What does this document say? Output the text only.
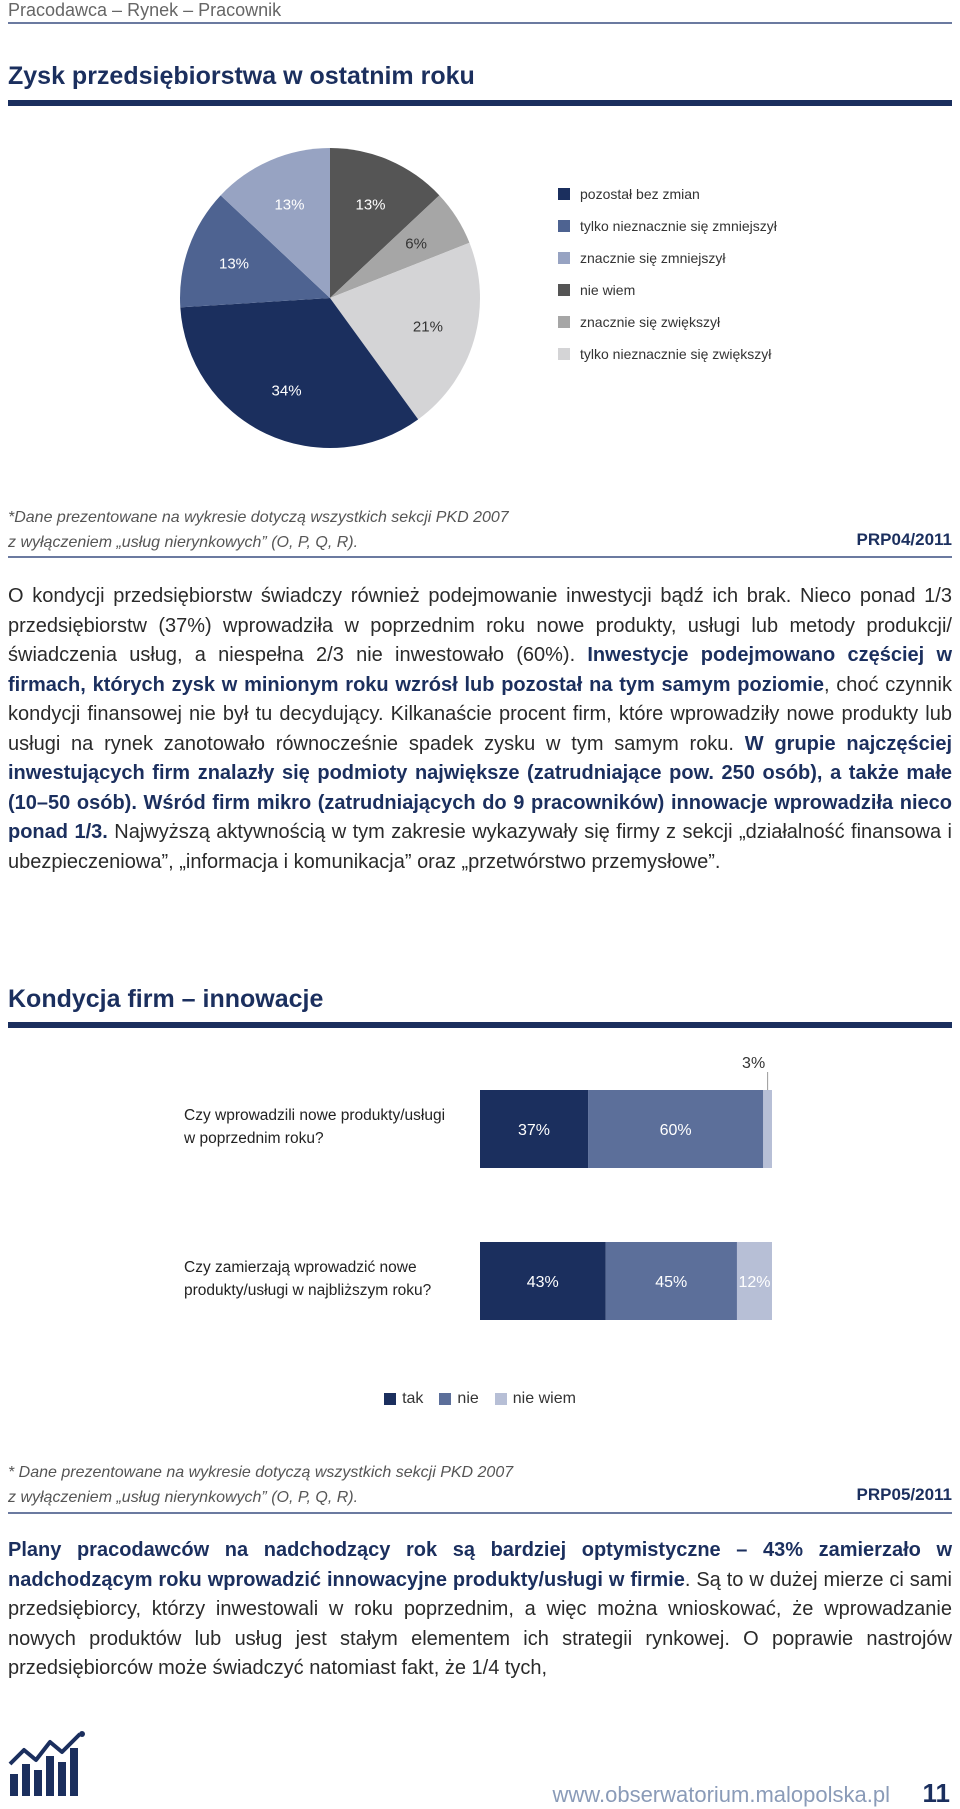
Pracodawca – Rynek – Pracownik
Zysk przedsiębiorstwa w ostatnim roku
13%
6%
21%
34%
13%
13%
pozostał bez zmian
tylko nieznacznie się zmniejszył
znacznie się zmniejszył
nie wiem
znacznie się zwiększył
tylko nieznacznie się zwiększył
*Dane prezentowane na wykresie dotyczą wszystkich sekcji PKD 2007
z wyłączeniem „usług nierynkowych” (O, P, Q, R).	PRP04/2011

O kondycji przedsiębiorstw świadczy również podejmowanie inwestycji bądź ich brak. Nieco ponad 1/3 przedsiębiorstw (37%) wprowadziła w poprzednim roku nowe produkty, usługi lub metody produkcji/świadczenia usług, a niespełna 2/3 nie inwestowało (60%). Inwestycje podejmowano częściej w firmach, których zysk w minionym roku wzrósł lub pozostał na tym samym poziomie, choć czynnik kondycji finansowej nie był tu decydujący. Kilkanaście procent firm, które wprowadziły nowe produkty lub usługi na rynek zanotowało równocześnie spadek zysku w tym samym roku. W grupie najczęściej inwestujących firm znalazły się podmioty największe (zatrudniające pow. 250 osób), a także małe (10–50 osób). Wśród firm mikro (zatrudniających do 9 pracowników) innowacje wprowadziła nieco ponad 1/3. Najwyższą aktywnością w tym zakresie wykazywały się firmy z sekcji „działalność finansowa i ubezpieczeniowa”, „informacja i komunikacja” oraz „przetwórstwo przemysłowe”.

Kondycja firm – innowacje
Czy wprowadzili nowe produkty/usługi
w poprzednim roku?
Czy zamierzają wprowadzić nowe
produkty/usługi w najbliższym roku?
37%	60%
3%
43%	45%	12%
tak nie nie wiem
* Dane prezentowane na wykresie dotyczą wszystkich sekcji PKD 2007
z wyłączeniem „usług nierynkowych” (O, P, Q, R).	PRP05/2011

Plany pracodawców na nadchodzący rok są bardziej optymistyczne – 43% zamierzało w nadchodzącym roku wprowadzić innowacyjne produkty/usługi w firmie. Są to w dużej mierze ci sami przedsiębiorcy, którzy inwestowali w roku poprzednim, a więc można wnioskować, że wprowadzanie nowych produktów lub usług jest stałym elementem ich strategii rynkowej. O poprawie nastrojów przedsiębiorców może świadczyć natomiast fakt, że 1/4 tych,

www.obserwatorium.malopolska.pl 11
